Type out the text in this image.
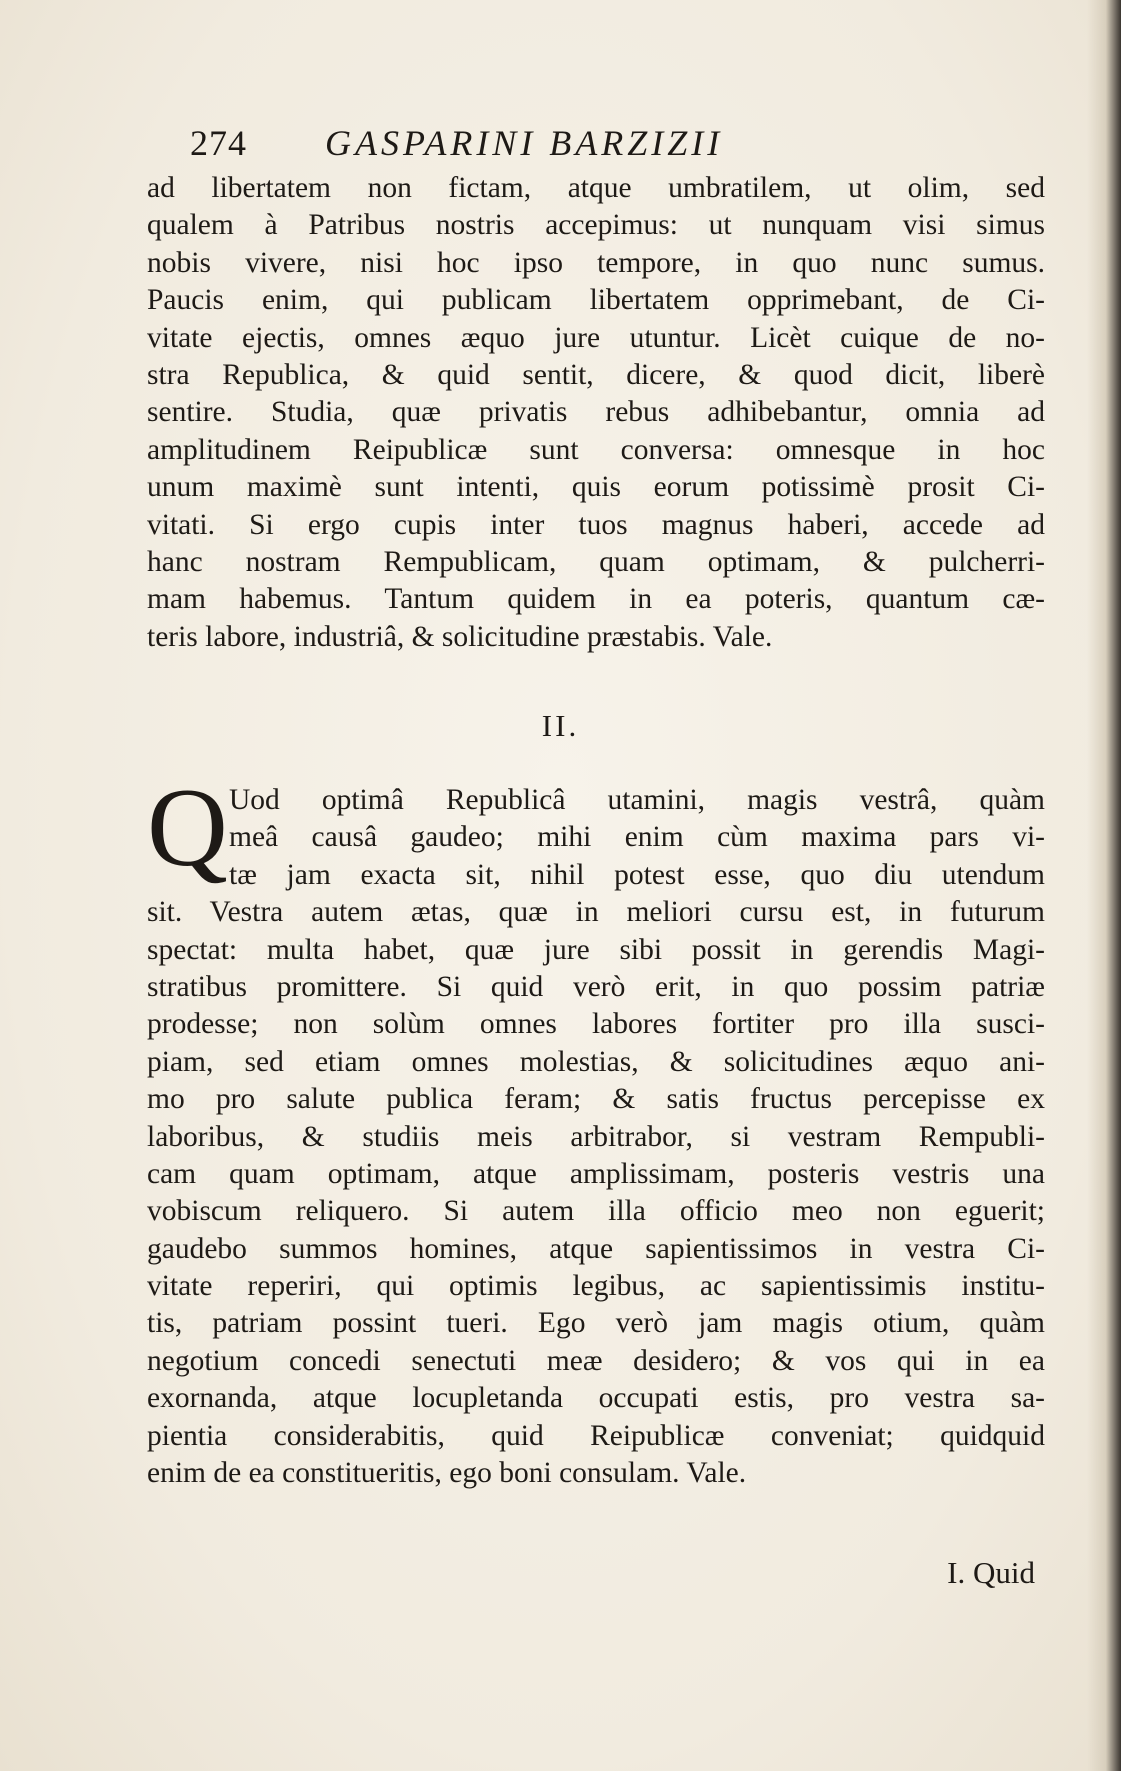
274 GASPARINI BARZIZII
ad libertatem non fictam, atque umbratilem, ut olim, sed
qualem à Patribus nostris accepimus: ut nunquam visi simus
nobis vivere, nisi hoc ipso tempore, in quo nunc sumus.
Paucis enim, qui publicam libertatem opprimebant, de Ci-
vitate ejectis, omnes æquo jure utuntur. Licèt cuique de no-
stra Republica, & quid sentit, dicere, & quod dicit, liberè
sentire. Studia, quæ privatis rebus adhibebantur, omnia ad
amplitudinem Reipublicæ sunt conversa: omnesque in hoc
unum maximè sunt intenti, quis eorum potissimè prosit Ci-
vitati. Si ergo cupis inter tuos magnus haberi, accede ad
hanc nostram Rempublicam, quam optimam, & pulcherri-
mam habemus. Tantum quidem in ea poteris, quantum cæ-
teris labore, industriâ, & solicitudine præstabis. Vale.
II.
Q Uod optimâ Republicâ utamini, magis vestrâ, quàm
meâ causâ gaudeo; mihi enim cùm maxima pars vi-
tæ jam exacta sit, nihil potest esse, quo diu utendum
sit. Vestra autem ætas, quæ in meliori cursu est, in futurum
spectat: multa habet, quæ jure sibi possit in gerendis Magi-
stratibus promittere. Si quid verò erit, in quo possim patriæ
prodesse; non solùm omnes labores fortiter pro illa susci-
piam, sed etiam omnes molestias, & solicitudines æquo ani-
mo pro salute publica feram; & satis fructus percepisse ex
laboribus, & studiis meis arbitrabor, si vestram Rempubli-
cam quam optimam, atque amplissimam, posteris vestris una
vobiscum reliquero. Si autem illa officio meo non eguerit;
gaudebo summos homines, atque sapientissimos in vestra Ci-
vitate reperiri, qui optimis legibus, ac sapientissimis institu-
tis, patriam possint tueri. Ego verò jam magis otium, quàm
negotium concedi senectuti meæ desidero; & vos qui in ea
exornanda, atque locupletanda occupati estis, pro vestra sa-
pientia considerabitis, quid Reipublicæ conveniat; quidquid
enim de ea constitueritis, ego boni consulam. Vale.
I. Quid
